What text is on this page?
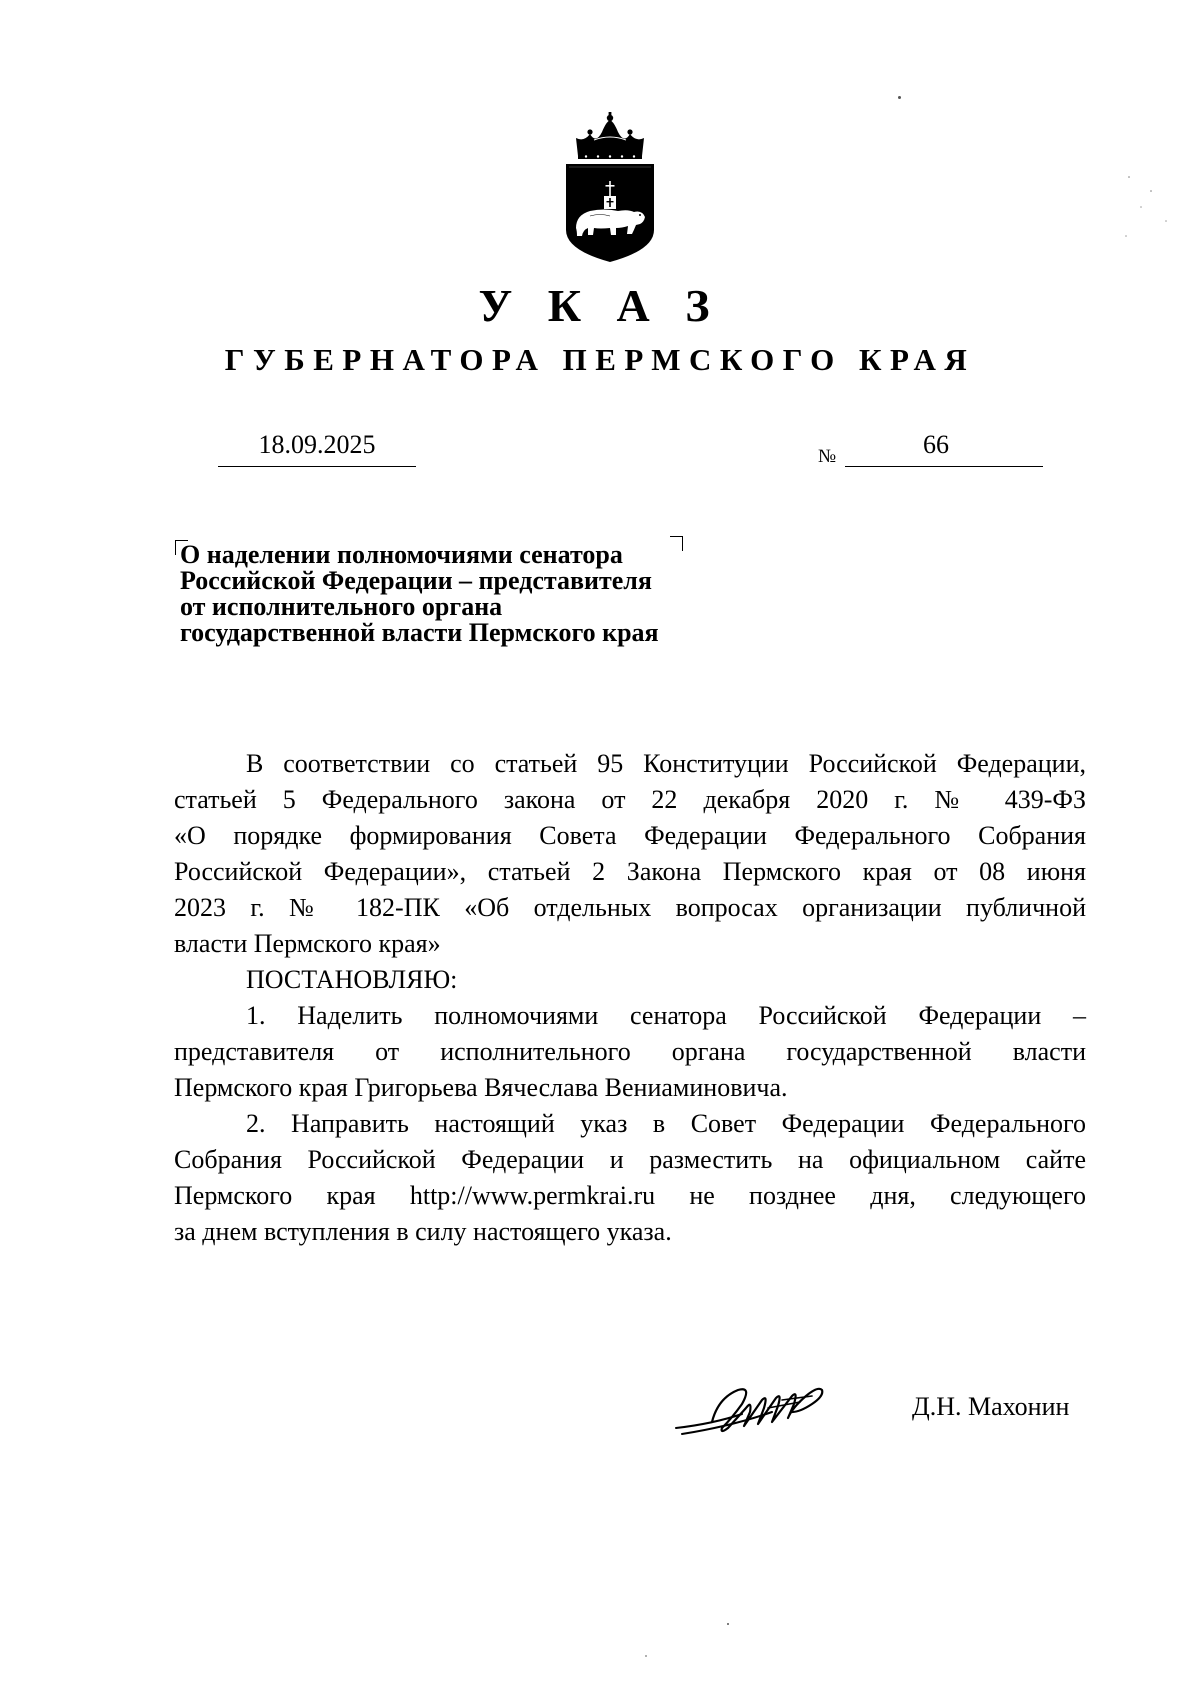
У К А З
ГУБЕРНАТОРА ПЕРМСКОГО КРАЯ
18.09.2025	№	66
О наделении полномочиями сенатора
Российской Федерации – представителя
от исполнительного органа
государственной власти Пермского края
В соответствии со статьей 95 Конституции Российской Федерации,
статьей 5 Федерального закона от 22 декабря 2020 г. № 439-ФЗ
«О порядке формирования Совета Федерации Федерального Собрания
Российской Федерации», статьей 2 Закона Пермского края от 08 июня
2023 г. № 182-ПК «Об отдельных вопросах организации публичной
власти Пермского края»
ПОСТАНОВЛЯЮ:
1. Наделить полномочиями сенатора Российской Федерации –
представителя от исполнительного органа государственной власти
Пермского края Григорьева Вячеслава Вениаминовича.
2. Направить настоящий указ в Совет Федерации Федерального
Собрания Российской Федерации и разместить на официальном сайте
Пермского края http://www.permkrai.ru не позднее дня, следующего
за днем вступления в силу настоящего указа.
Д.Н. Махонин
